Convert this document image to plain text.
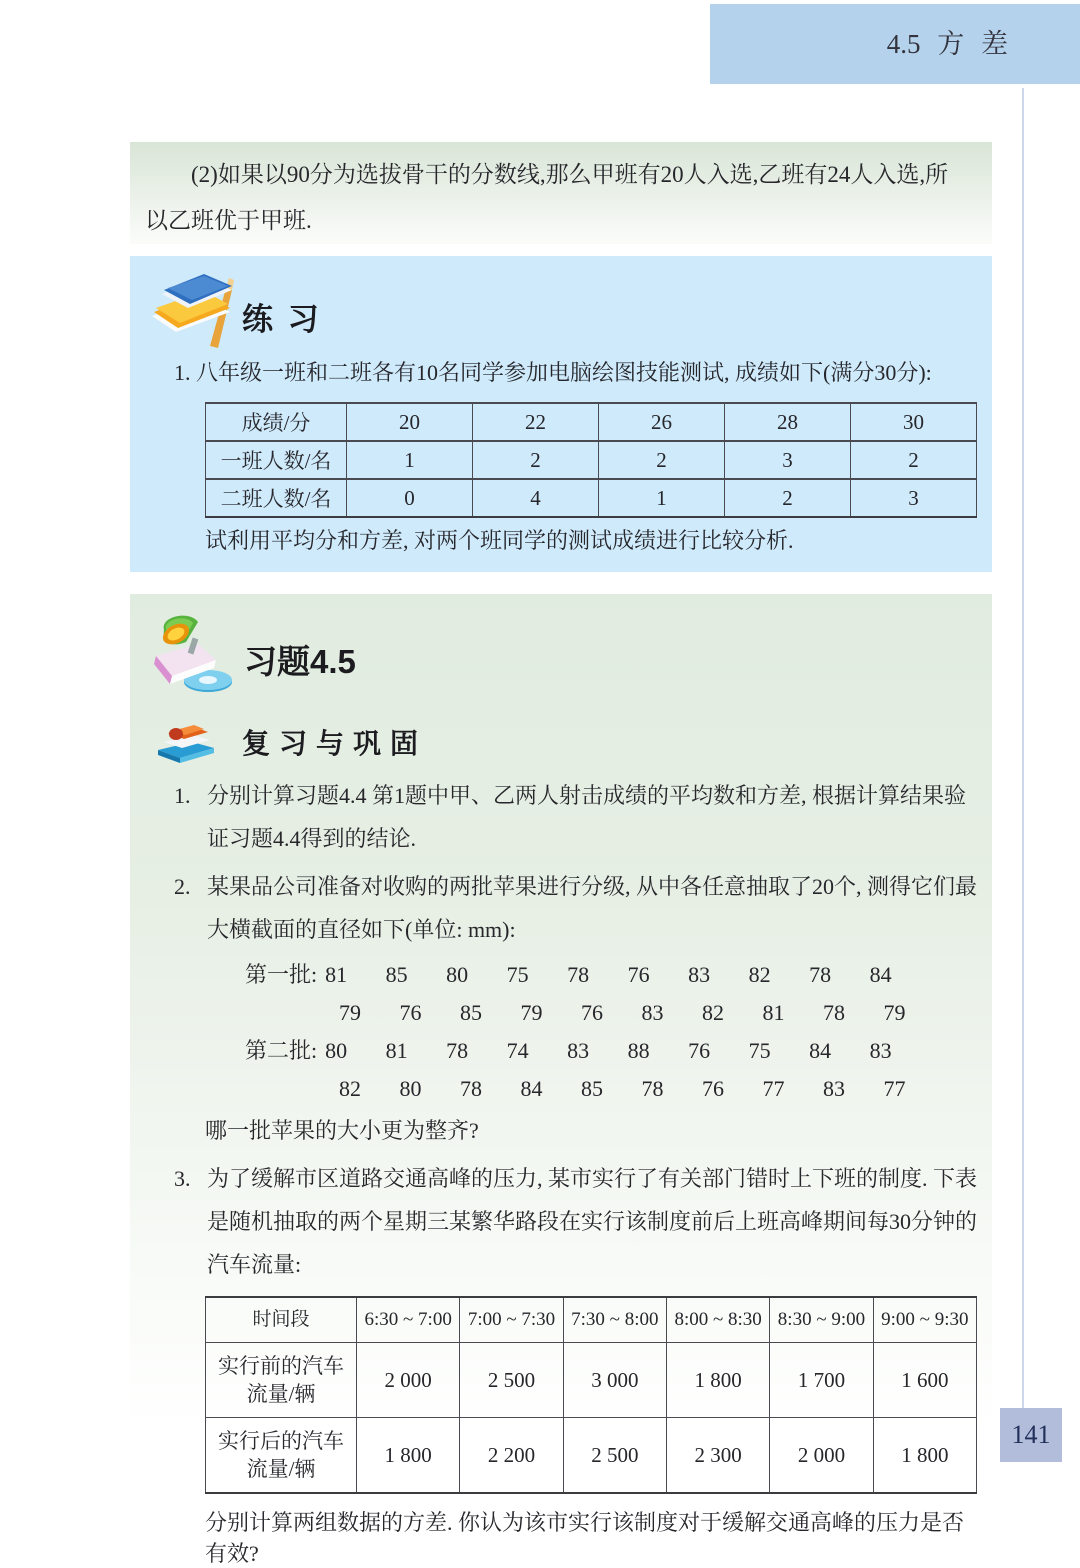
4.5 方 差
141

(2)如果以90分为选拔骨干的分数线,那么甲班有20人入选,乙班有24人入选,所以乙班优于甲班.

练 习

1. 八年级一班和二班各有10名同学参加电脑绘图技能测试, 成绩如下(满分30分):

成绩/分	20	22	26	28	30
一班人数/名	1	2	2	3	2
二班人数/名	0	4	1	2	3

试利用平均分和方差, 对两个班同学的测试成绩进行比较分析.

习题4.5
复习与巩固
1. 分别计算习题4.4 第1题中甲、乙两人射击成绩的平均数和方差, 根据计算结果验证习题4.4得到的结论.
2. 某果品公司准备对收购的两批苹果进行分级, 从中各任意抽取了20个, 测得它们最大横截面的直径如下(单位: mm):
第一批: 81 85 80 75 78 76 83 82 78 84
79 76 85 79 76 83 82 81 78 79
第二批: 80 81 78 74 83 88 76 75 84 83
82 80 78 84 85 78 76 77 83 77

哪一批苹果的大小更为整齐?

3. 为了缓解市区道路交通高峰的压力, 某市实行了有关部门错时上下班的制度. 下表是随机抽取的两个星期三某繁华路段在实行该制度前后上班高峰期间每30分钟的汽车流量:
时间段	6:30 ~ 7:00	7:00 ~ 7:30	7:30 ~ 8:00	8:00 ~ 8:30	8:30 ~ 9:00	9:00 ~ 9:30
实行前的汽车流量/辆	2 000	2 500	3 000	1 800	1 700	1 600
实行后的汽车流量/辆	1 800	2 200	2 500	2 300	2 000	1 800

分别计算两组数据的方差. 你认为该市实行该制度对于缓解交通高峰的压力是否有效?
